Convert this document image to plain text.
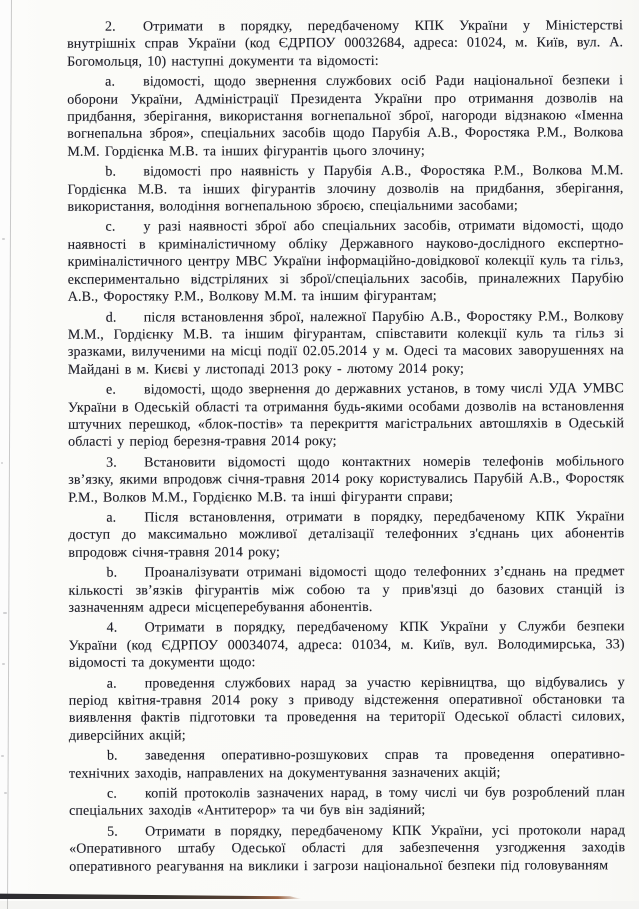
2. Отримати в порядку, передбаченому КПК України у Міністерстві внутрішніх справ України (код ЄДРПОУ 00032684, адреса: 01024, м. Київ, вул. А. Богомольця, 10) наступні документи та відомості:

a. відомості, щодо звернення службових осіб Ради національної безпеки і оборони України, Адміністрації Президента України про отримання дозволів на придбання, зберігання, використання вогнепальної зброї, нагороди відзнакою «Іменна вогнепальна зброя», спеціальних засобів щодо Парубія А.В., Форостяка Р.М., Волкова М.М. Гордієнка М.В. та інших фігурантів цього злочину;

b. відомості про наявність у Парубія А.В., Форостяка Р.М., Волкова М.М. Гордієнка М.В. та інших фігурантів злочину дозволів на придбання, зберігання, використання, володіння вогнепальною зброєю, спеціальними засобами;

c. у разі наявності зброї або спеціальних засобів, отримати відомості, щодо наявності в криміналістичному обліку Державного науково-дослідного експертно-криміналістичного центру МВС України інформаційно-довідкової колекції куль та гільз, експериментально відстріляних зі зброї/спеціальних засобів, приналежних Парубію А.В., Форостяку Р.М., Волкову М.М. та іншим фігурантам;

d. після встановлення зброї, належної Парубію А.В., Форостяку Р.М., Волкову М.М., Гордієнку М.В. та іншим фігурантам, співставити колекції куль та гільз зі зразками, вилученими на місці події 02.05.2014 у м. Одесі та масових заворушеннях на Майдані в м. Києві у листопаді 2013 року - лютому 2014 року;

e. відомості, щодо звернення до державних установ, в тому числі УДА УМВС України в Одеській області та отримання будь-якими особами дозволів на встановлення штучних перешкод, «блок-постів» та перекриття магістральних автошляхів в Одеській області у період березня-травня 2014 року;

3. Встановити відомості щодо контактних номерів телефонів мобільного зв’язку, якими впродовж січня-травня 2014 року користувались Парубій А.В., Форостяк Р.М., Волков М.М., Гордієнко М.В. та інші фігуранти справи;

a. Після встановлення, отримати в порядку, передбаченому КПК України доступ до максимально можливої деталізації телефонних з'єднань цих абонентів впродовж січня-травня 2014 року;

b. Проаналізувати отримані відомості щодо телефонних з’єднань на предмет кількості зв’язків фігурантів між собою та у прив'язці до базових станцій із зазначенням адреси місцеперебування абонентів.

4. Отримати в порядку, передбаченому КПК України у Служби безпеки України (код ЄДРПОУ 00034074, адреса: 01034, м. Київ, вул. Володимирська, 33) відомості та документи щодо:

a. проведення службових нарад за участю керівництва, що відбувались у період квітня-травня 2014 року з приводу відстеження оперативної обстановки та виявлення фактів підготовки та проведення на території Одеської області силових, диверсійних акцій;

b. заведення оперативно-розшукових справ та проведення оперативно-технічних заходів, направлених на документування зазначених акцій;

c. копій протоколів зазначених нарад, в тому числі чи був розроблений план спеціальних заходів «Антитерор» та чи був він задіяний;

5. Отримати в порядку, передбаченому КПК України, усі протоколи нарад «Оперативного штабу Одеської області для забезпечення узгодження заходів оперативного реагування на виклики і загрози національної безпеки під головуванням
